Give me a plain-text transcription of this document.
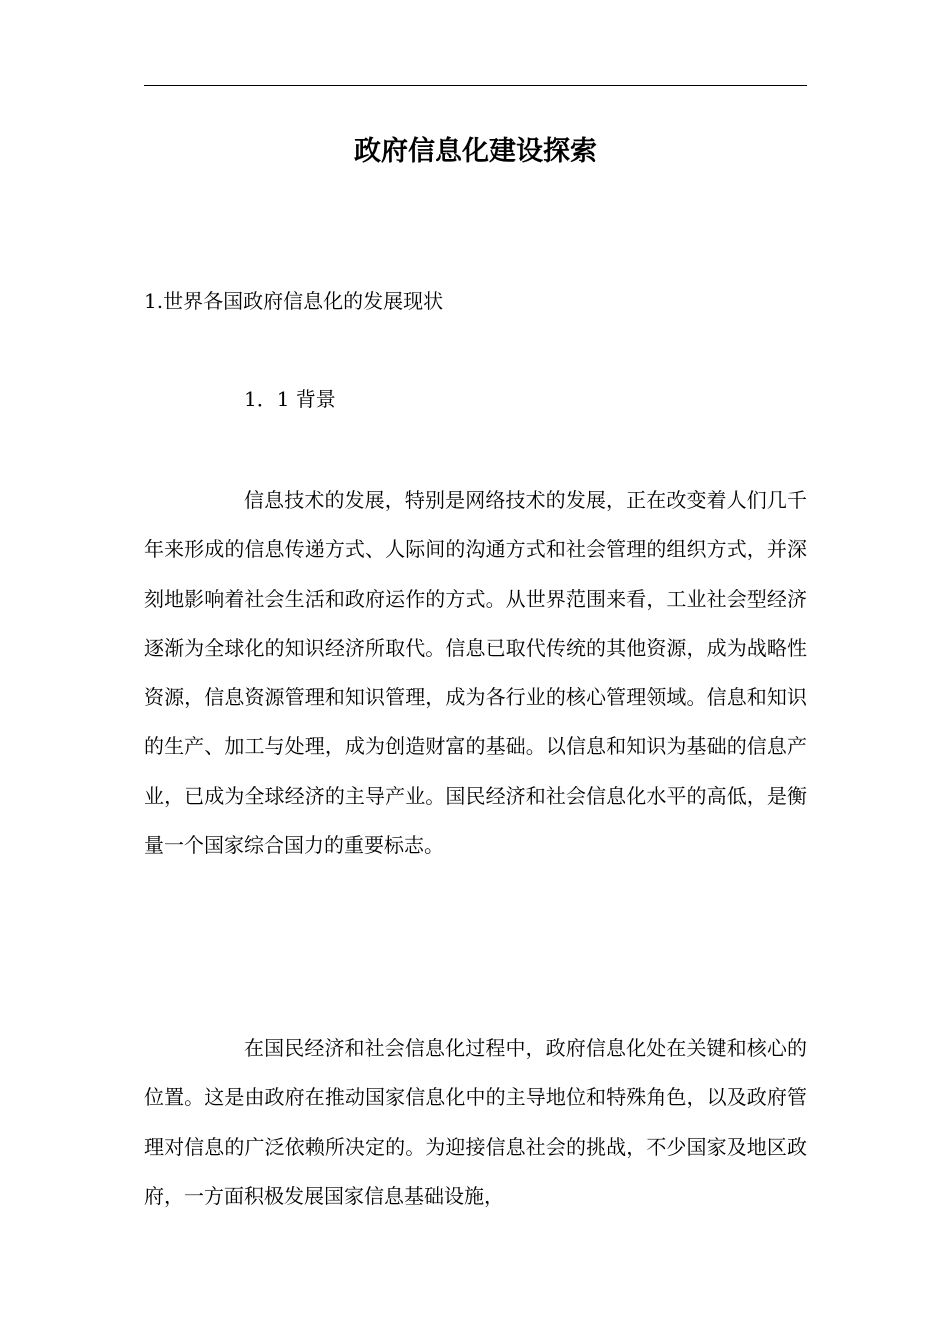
政府信息化建设探索

1.世界各国政府信息化的发展现状

1．1 背景

信息技术的发展，特别是网络技术的发展，正在改变着人们几千年来形成的信息传递方式、人际间的沟通方式和社会管理的组织方式，并深刻地影响着社会生活和政府运作的方式。从世界范围来看，工业社会型经济逐渐为全球化的知识经济所取代。信息已取代传统的其他资源，成为战略性资源，信息资源管理和知识管理，成为各行业的核心管理领域。信息和知识的生产、加工与处理，成为创造财富的基础。以信息和知识为基础的信息产业，已成为全球经济的主导产业。国民经济和社会信息化水平的高低，是衡量一个国家综合国力的重要标志。

在国民经济和社会信息化过程中，政府信息化处在关键和核心的位置。这是由政府在推动国家信息化中的主导地位和特殊角色，以及政府管理对信息的广泛依赖所决定的。为迎接信息社会的挑战，不少国家及地区政府，一方面积极发展国家信息基础设施，
